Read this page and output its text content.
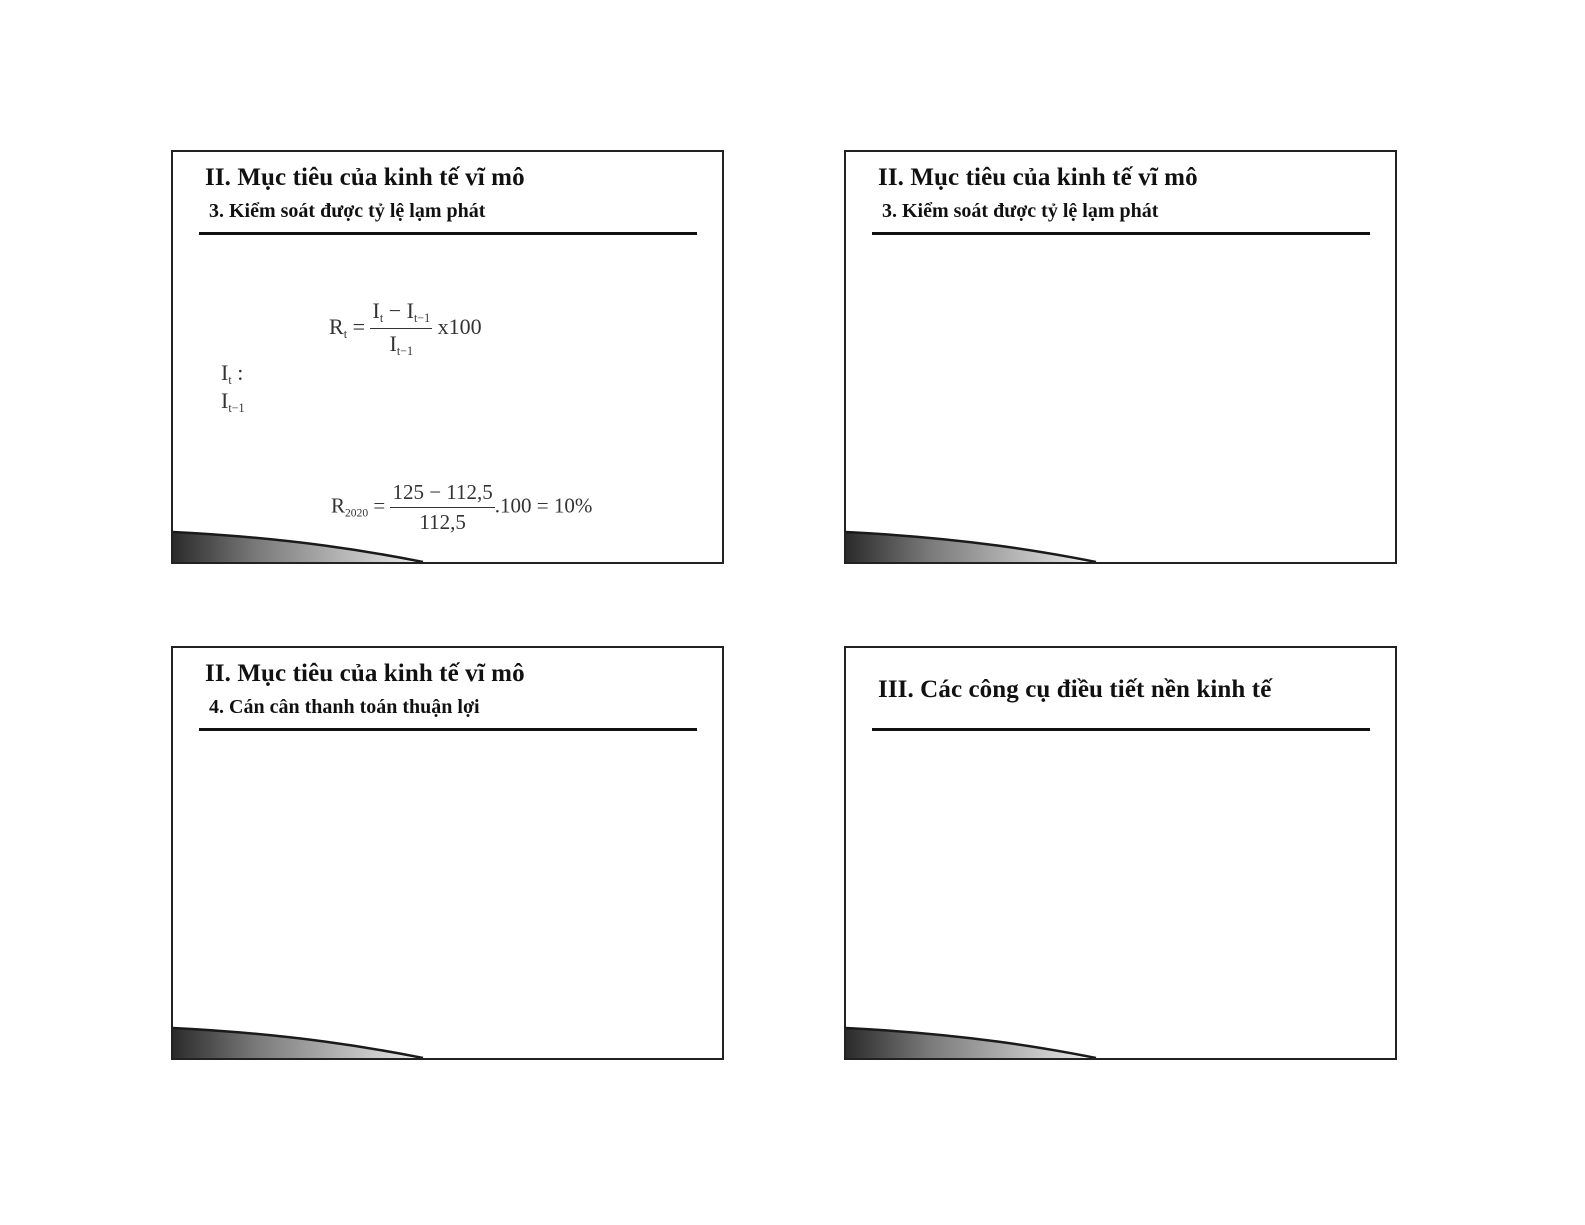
II. Mục tiêu của kinh tế vĩ mô
3. Kiểm soát được tỷ lệ lạm phát
$R_t = \frac{I_t - I_{t-1}}{I_{t-1}} x100$
$I_t$ :
$I_{t-1}$
$R_{2020} = \frac{125 - 112,5}{112,5} .100 = 10\%$
II. Mục tiêu của kinh tế vĩ mô
3. Kiểm soát được tỷ lệ lạm phát
II. Mục tiêu của kinh tế vĩ mô
4. Cán cân thanh toán thuận lợi
III. Các công cụ điều tiết nền kinh tế
